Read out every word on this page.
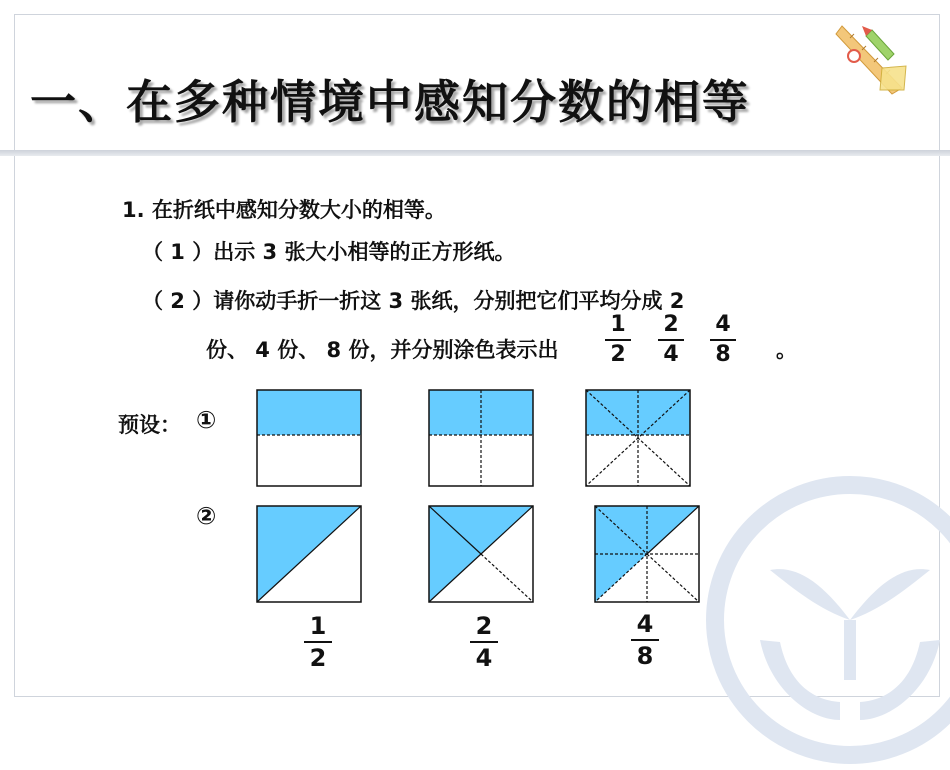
一、在多种情境中感知分数的相等
1. 在折纸中感知分数大小的相等。
（ 1 ）出示 3 张大小相等的正方形纸。
（ 2 ）请你动手折一折这 3 张纸，分别把它们平均分成 2
份、 4 份、 8 份，并分别涂色表示出	。
1
2
2
4
4
8
预设： ①
②
1
2
2
4
4
8
